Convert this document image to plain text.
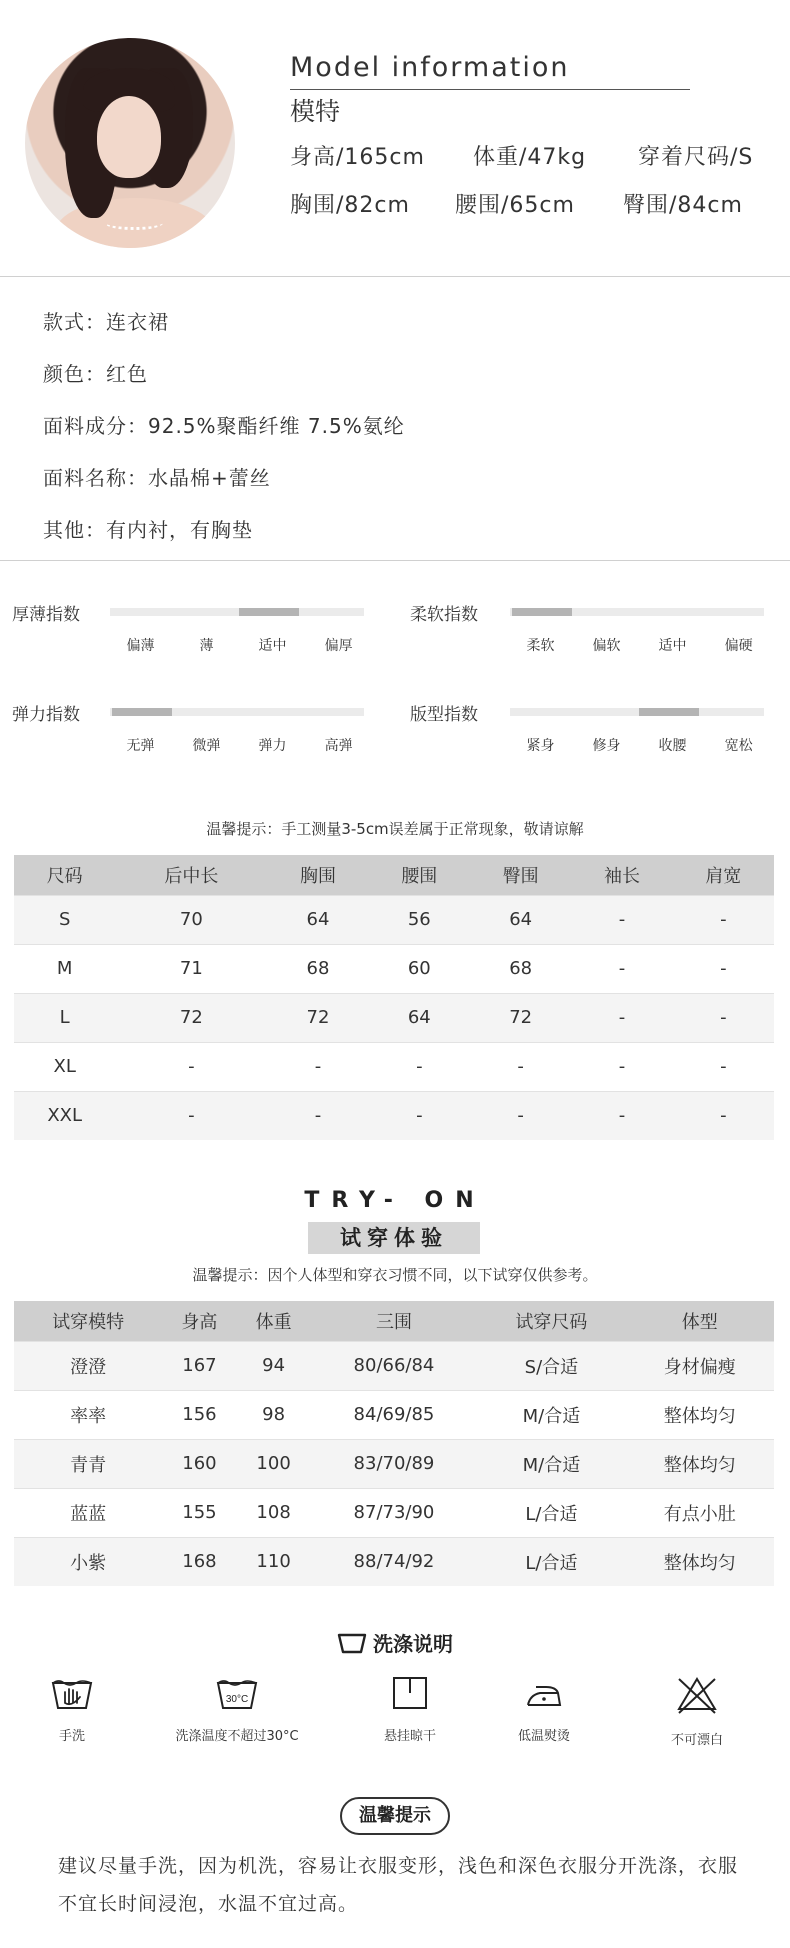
Model information
模特
身高/165cm 体重/47kg 穿着尺码/S
胸围/82cm 腰围/65cm 臀围/84cm
款式：连衣裙
颜色：红色
面料成分：92.5%聚酯纤维 7.5%氨纶
面料名称：水晶棉+蕾丝
其他：有内衬，有胸垫
厚薄指数
偏薄	薄	适中	偏厚
柔软指数
柔软	偏软	适中	偏硬
弹力指数
无弹	微弹	弹力	高弹
版型指数
紧身	修身	收腰	宽松
温馨提示：手工测量3-5cm误差属于正常现象，敬请谅解
尺码	后中长	胸围	腰围	臀围	袖长	肩宽
S	70	64	56	64	-	-
M	71	68	60	68	-	-
L	72	72	64	72	-	-
XL	-	-	-	-	-	-
XXL	-	-	-	-	-	-
TRY- ON
试穿体验
温馨提示：因个人体型和穿衣习惯不同，以下试穿仅供参考。
试穿模特	身高	体重	三围	试穿尺码	体型
澄澄	167	94	80/66/84	S/合适	身材偏瘦
率率	156	98	84/69/85	M/合适	整体均匀
青青	160	100	83/70/89	M/合适	整体均匀
蓝蓝	155	108	87/73/90	L/合适	有点小肚
小紫	168	110	88/74/92	L/合适	整体均匀
洗涤说明
手洗
30°C
洗涤温度不超过30°C	悬挂晾干	低温熨烫	不可漂白
温馨提示
建议尽量手洗，因为机洗，容易让衣服变形，浅色和深色衣服分开洗涤，衣服不宜长时间浸泡，水温不宜过高。
